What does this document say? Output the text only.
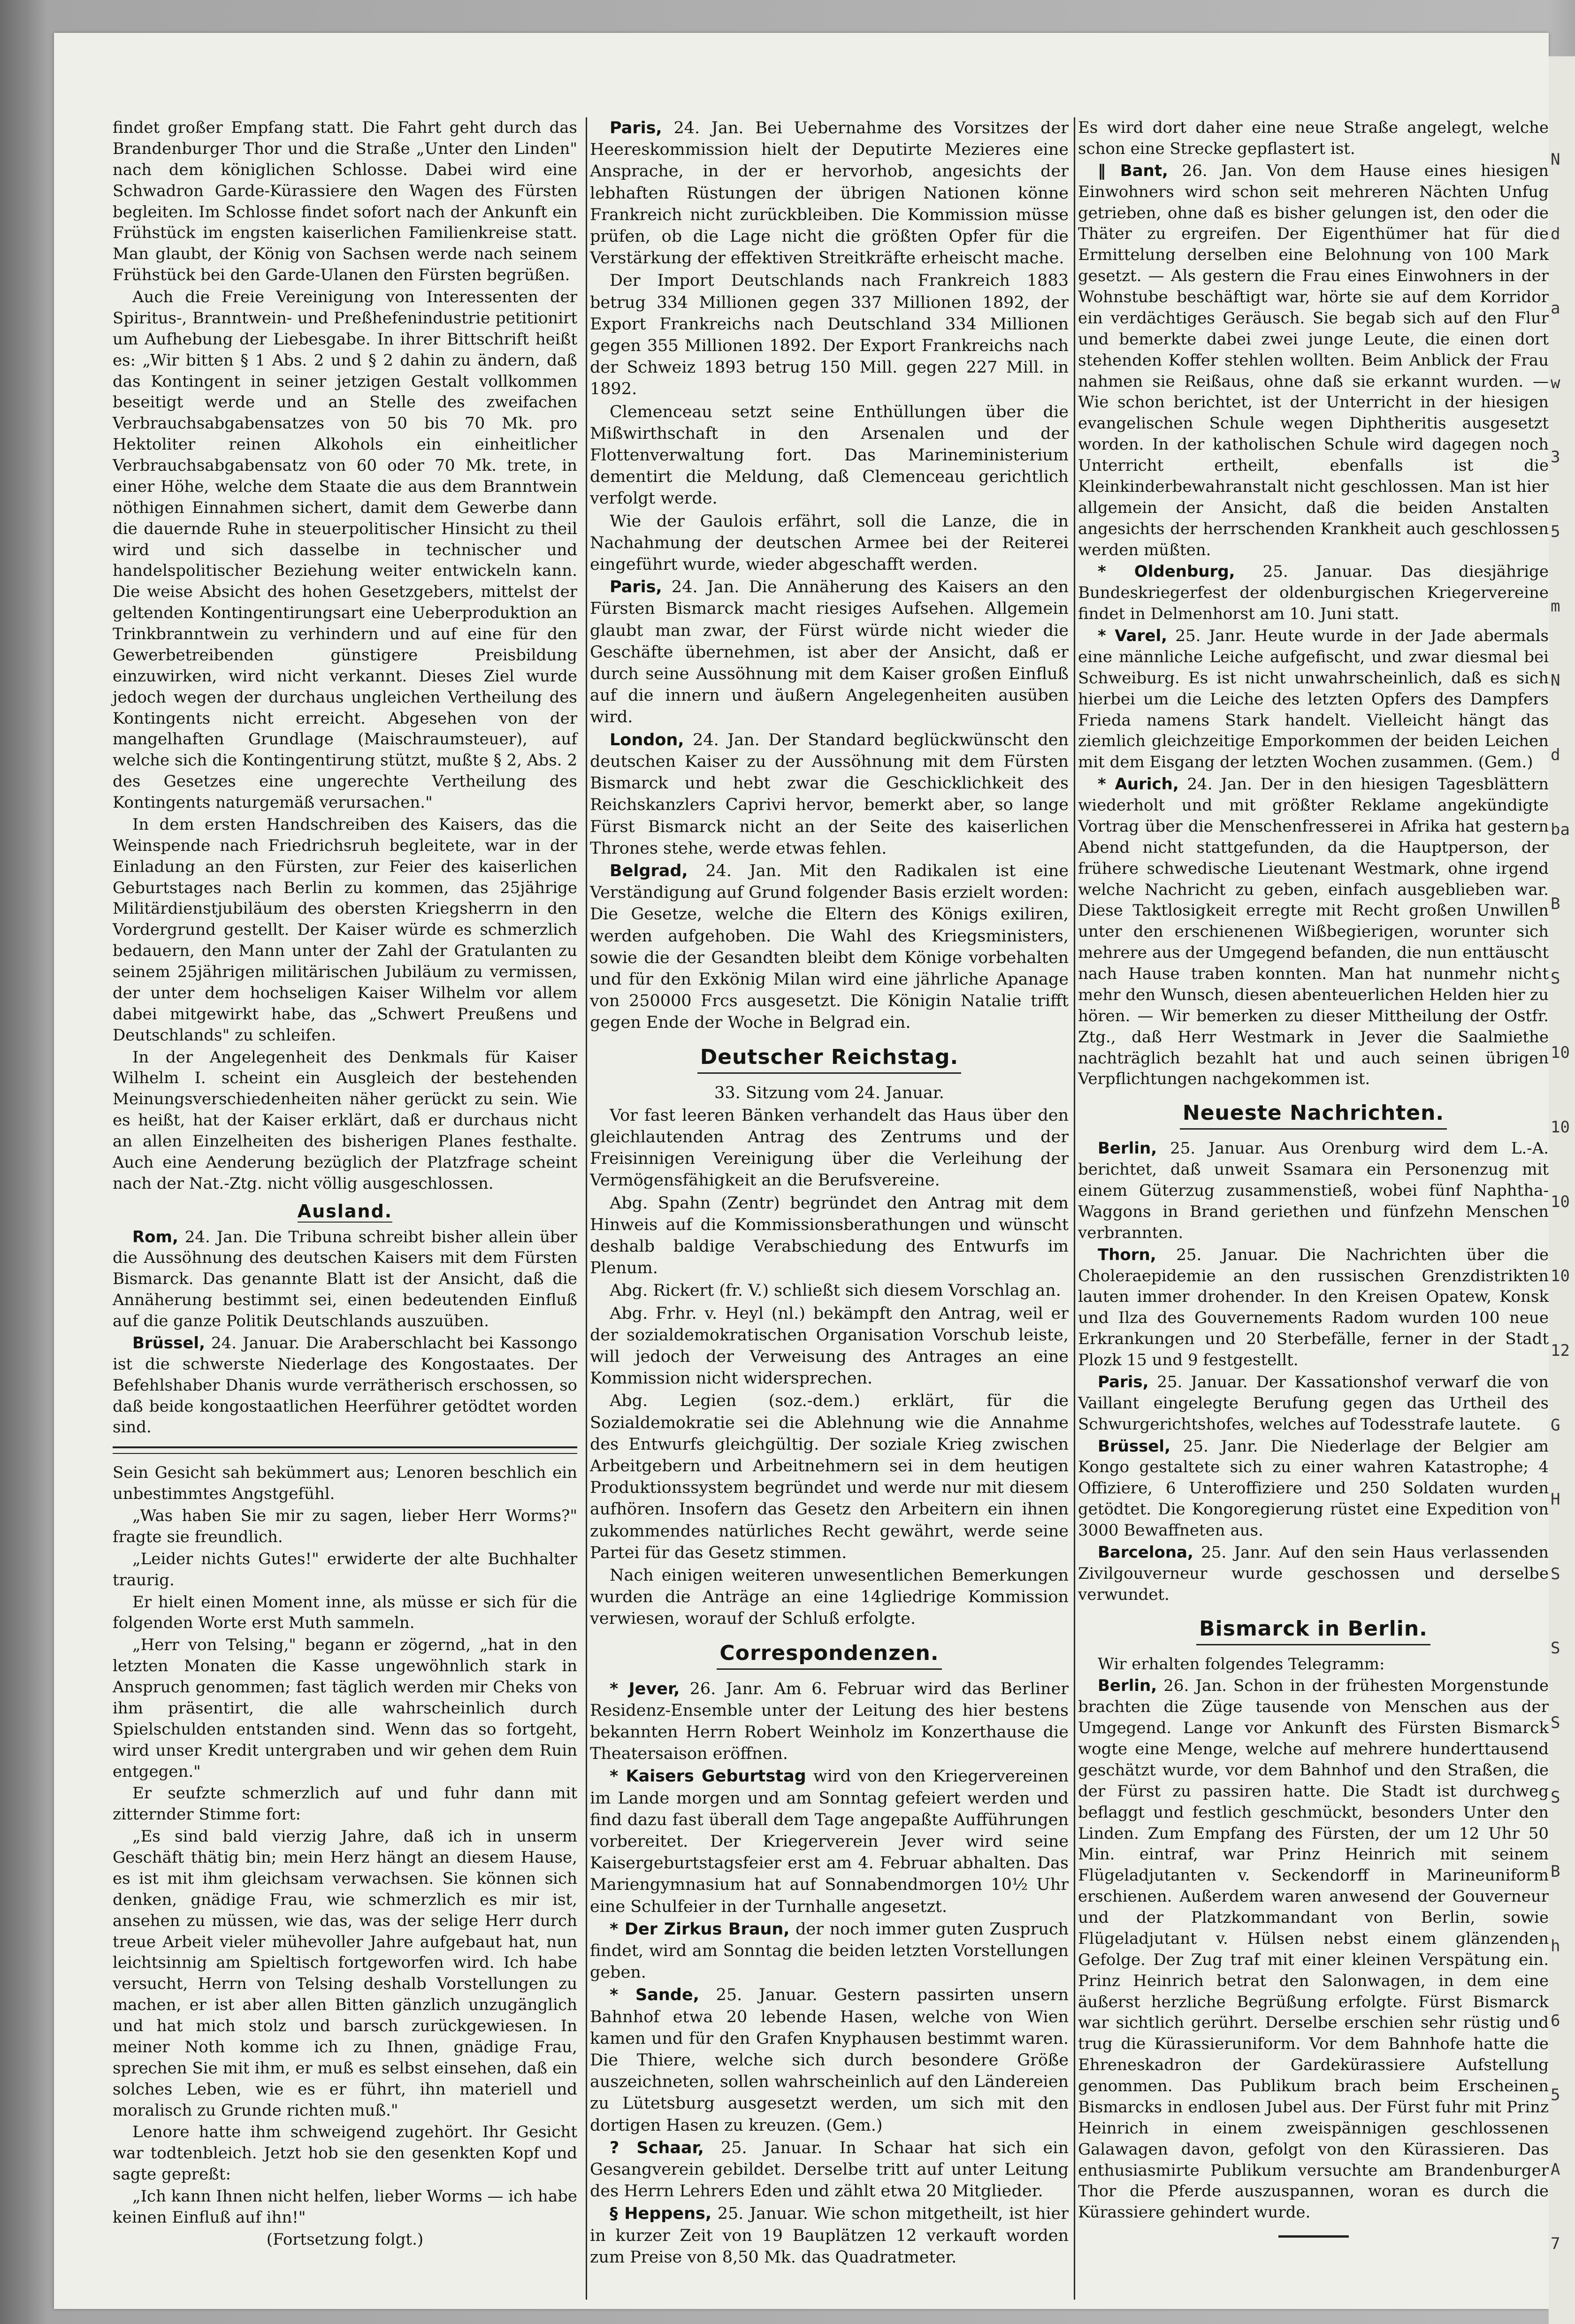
N
d
a
w
3
5
m
N
d
ba
B
S
10
10
10
10
12
G
H
S
S
S
S
B
h
6
5
A
7

findet großer Empfang statt. Die Fahrt geht durch das Brandenburger Thor und die Straße „Unter den Linden" nach dem königlichen Schlosse. Dabei wird eine Schwadron Garde-Kürassiere den Wagen des Fürsten begleiten. Im Schlosse findet sofort nach der Ankunft ein Frühstück im engsten kaiserlichen Familienkreise statt. Man glaubt, der König von Sachsen werde nach seinem Frühstück bei den Garde-Ulanen den Fürsten begrüßen.

Auch die Freie Vereinigung von Interessenten der Spiritus-, Branntwein- und Preßhefenindustrie petitionirt um Aufhebung der Liebesgabe. In ihrer Bittschrift heißt es: „Wir bitten § 1 Abs. 2 und § 2 dahin zu ändern, daß das Kontingent in seiner jetzigen Gestalt vollkommen beseitigt werde und an Stelle des zweifachen Verbrauchsabgabensatzes von 50 bis 70 Mk. pro Hektoliter reinen Alkohols ein einheitlicher Verbrauchsabgabensatz von 60 oder 70 Mk. trete, in einer Höhe, welche dem Staate die aus dem Branntwein nöthigen Einnahmen sichert, damit dem Gewerbe dann die dauernde Ruhe in steuerpolitischer Hinsicht zu theil wird und sich dasselbe in technischer und handelspolitischer Beziehung weiter entwickeln kann. Die weise Absicht des hohen Gesetzgebers, mittelst der geltenden Kontingentirungsart eine Ueberproduktion an Trinkbranntwein zu verhindern und auf eine für den Gewerbetreibenden günstigere Preisbildung einzuwirken, wird nicht verkannt. Dieses Ziel wurde jedoch wegen der durchaus ungleichen Vertheilung des Kontingents nicht erreicht. Abgesehen von der mangelhaften Grundlage (Maischraumsteuer), auf welche sich die Kontingentirung stützt, mußte § 2, Abs. 2 des Gesetzes eine ungerechte Vertheilung des Kontingents naturgemäß verursachen."

In dem ersten Handschreiben des Kaisers, das die Weinspende nach Friedrichsruh begleitete, war in der Einladung an den Fürsten, zur Feier des kaiserlichen Geburtstages nach Berlin zu kommen, das 25jährige Militärdienstjubiläum des obersten Kriegsherrn in den Vordergrund gestellt. Der Kaiser würde es schmerzlich bedauern, den Mann unter der Zahl der Gratulanten zu seinem 25jährigen militärischen Jubiläum zu vermissen, der unter dem hochseligen Kaiser Wilhelm vor allem dabei mitgewirkt habe, das „Schwert Preußens und Deutschlands" zu schleifen.

In der Angelegenheit des Denkmals für Kaiser Wilhelm I. scheint ein Ausgleich der bestehenden Meinungsverschiedenheiten näher gerückt zu sein. Wie es heißt, hat der Kaiser erklärt, daß er durchaus nicht an allen Einzelheiten des bisherigen Planes festhalte. Auch eine Aenderung bezüglich der Platzfrage scheint nach der Nat.-Ztg. nicht völlig ausgeschlossen.

Ausland.

Rom, 24. Jan. Die Tribuna schreibt bisher allein über die Aussöhnung des deutschen Kaisers mit dem Fürsten Bismarck. Das genannte Blatt ist der Ansicht, daß die Annäherung bestimmt sei, einen bedeutenden Einfluß auf die ganze Politik Deutschlands auszuüben.

Brüssel, 24. Januar. Die Araberschlacht bei Kassongo ist die schwerste Niederlage des Kongostaates. Der Befehlshaber Dhanis wurde verrätherisch erschossen, so daß beide kongostaatlichen Heerführer getödtet worden sind.

Sein Gesicht sah bekümmert aus; Lenoren beschlich ein unbestimmtes Angstgefühl.

„Was haben Sie mir zu sagen, lieber Herr Worms?" fragte sie freundlich.

„Leider nichts Gutes!" erwiderte der alte Buchhalter traurig.

Er hielt einen Moment inne, als müsse er sich für die folgenden Worte erst Muth sammeln.

„Herr von Telsing," begann er zögernd, „hat in den letzten Monaten die Kasse ungewöhnlich stark in Anspruch genommen; fast täglich werden mir Cheks von ihm präsentirt, die alle wahrscheinlich durch Spielschulden entstanden sind. Wenn das so fortgeht, wird unser Kredit untergraben und wir gehen dem Ruin entgegen."

Er seufzte schmerzlich auf und fuhr dann mit zitternder Stimme fort:

„Es sind bald vierzig Jahre, daß ich in unserm Geschäft thätig bin; mein Herz hängt an diesem Hause, es ist mit ihm gleichsam verwachsen. Sie können sich denken, gnädige Frau, wie schmerzlich es mir ist, ansehen zu müssen, wie das, was der selige Herr durch treue Arbeit vieler mühevoller Jahre aufgebaut hat, nun leichtsinnig am Spieltisch fortgeworfen wird. Ich habe versucht, Herrn von Telsing deshalb Vorstellungen zu machen, er ist aber allen Bitten gänzlich unzugänglich und hat mich stolz und barsch zurückgewiesen. In meiner Noth komme ich zu Ihnen, gnädige Frau, sprechen Sie mit ihm, er muß es selbst einsehen, daß ein solches Leben, wie es er führt, ihn materiell und moralisch zu Grunde richten muß."

Lenore hatte ihm schweigend zugehört. Ihr Gesicht war todtenbleich. Jetzt hob sie den gesenkten Kopf und sagte gepreßt:

„Ich kann Ihnen nicht helfen, lieber Worms — ich habe keinen Einfluß auf ihn!"

(Fortsetzung folgt.)

Paris, 24. Jan. Bei Uebernahme des Vorsitzes der Heereskommission hielt der Deputirte Mezieres eine Ansprache, in der er hervorhob, angesichts der lebhaften Rüstungen der übrigen Nationen könne Frankreich nicht zurückbleiben. Die Kommission müsse prüfen, ob die Lage nicht die größten Opfer für die Verstärkung der effektiven Streitkräfte erheischt mache.

Der Import Deutschlands nach Frankreich 1883 betrug 334 Millionen gegen 337 Millionen 1892, der Export Frankreichs nach Deutschland 334 Millionen gegen 355 Millionen 1892. Der Export Frankreichs nach der Schweiz 1893 betrug 150 Mill. gegen 227 Mill. in 1892.

Clemenceau setzt seine Enthüllungen über die Mißwirthschaft in den Arsenalen und der Flottenverwaltung fort. Das Marineministerium dementirt die Meldung, daß Clemenceau gerichtlich verfolgt werde.

Wie der Gaulois erfährt, soll die Lanze, die in Nachahmung der deutschen Armee bei der Reiterei eingeführt wurde, wieder abgeschafft werden.

Paris, 24. Jan. Die Annäherung des Kaisers an den Fürsten Bismarck macht riesiges Aufsehen. Allgemein glaubt man zwar, der Fürst würde nicht wieder die Geschäfte übernehmen, ist aber der Ansicht, daß er durch seine Aussöhnung mit dem Kaiser großen Einfluß auf die innern und äußern Angelegenheiten ausüben wird.

London, 24. Jan. Der Standard beglückwünscht den deutschen Kaiser zu der Aussöhnung mit dem Fürsten Bismarck und hebt zwar die Geschicklichkeit des Reichskanzlers Caprivi hervor, bemerkt aber, so lange Fürst Bismarck nicht an der Seite des kaiserlichen Thrones stehe, werde etwas fehlen.

Belgrad, 24. Jan. Mit den Radikalen ist eine Verständigung auf Grund folgender Basis erzielt worden: Die Gesetze, welche die Eltern des Königs exiliren, werden aufgehoben. Die Wahl des Kriegsministers, sowie die der Gesandten bleibt dem Könige vorbehalten und für den Exkönig Milan wird eine jährliche Apanage von 250000 Frcs ausgesetzt. Die Königin Natalie trifft gegen Ende der Woche in Belgrad ein.

Deutscher Reichstag.

33. Sitzung vom 24. Januar.

Vor fast leeren Bänken verhandelt das Haus über den gleichlautenden Antrag des Zentrums und der Freisinnigen Vereinigung über die Verleihung der Vermögensfähigkeit an die Berufsvereine.

Abg. Spahn (Zentr) begründet den Antrag mit dem Hinweis auf die Kommissionsberathungen und wünscht deshalb baldige Verabschiedung des Entwurfs im Plenum.

Abg. Rickert (fr. V.) schließt sich diesem Vorschlag an.

Abg. Frhr. v. Heyl (nl.) bekämpft den Antrag, weil er der sozialdemokratischen Organisation Vorschub leiste, will jedoch der Verweisung des Antrages an eine Kommission nicht widersprechen.

Abg. Legien (soz.-dem.) erklärt, für die Sozialdemokratie sei die Ablehnung wie die Annahme des Entwurfs gleichgültig. Der soziale Krieg zwischen Arbeitgebern und Arbeitnehmern sei in dem heutigen Produktionssystem begründet und werde nur mit diesem aufhören. Insofern das Gesetz den Arbeitern ein ihnen zukommendes natürliches Recht gewährt, werde seine Partei für das Gesetz stimmen.

Nach einigen weiteren unwesentlichen Bemerkungen wurden die Anträge an eine 14gliedrige Kommission verwiesen, worauf der Schluß erfolgte.

Correspondenzen.

* Jever, 26. Janr. Am 6. Februar wird das Berliner Residenz-Ensemble unter der Leitung des hier bestens bekannten Herrn Robert Weinholz im Konzerthause die Theatersaison eröffnen.

* Kaisers Geburtstag wird von den Kriegervereinen im Lande morgen und am Sonntag gefeiert werden und find dazu fast überall dem Tage angepaßte Aufführungen vorbereitet. Der Kriegerverein Jever wird seine Kaisergeburtstagsfeier erst am 4. Februar abhalten. Das Mariengymnasium hat auf Sonnabendmorgen 10½ Uhr eine Schulfeier in der Turnhalle angesetzt.

* Der Zirkus Braun, der noch immer guten Zuspruch findet, wird am Sonntag die beiden letzten Vorstellungen geben.

* Sande, 25. Januar. Gestern passirten unsern Bahnhof etwa 20 lebende Hasen, welche von Wien kamen und für den Grafen Knyphausen bestimmt waren. Die Thiere, welche sich durch besondere Größe auszeichneten, sollen wahrscheinlich auf den Ländereien zu Lütetsburg ausgesetzt werden, um sich mit den dortigen Hasen zu kreuzen. (Gem.)

? Schaar, 25. Januar. In Schaar hat sich ein Gesangverein gebildet. Derselbe tritt auf unter Leitung des Herrn Lehrers Eden und zählt etwa 20 Mitglieder.

§ Heppens, 25. Januar. Wie schon mitgetheilt, ist hier in kurzer Zeit von 19 Bauplätzen 12 verkauft worden zum Preise von 8,50 Mk. das Quadratmeter.

Es wird dort daher eine neue Straße angelegt, welche schon eine Strecke gepflastert ist.

‖ Bant, 26. Jan. Von dem Hause eines hiesigen Einwohners wird schon seit mehreren Nächten Unfug getrieben, ohne daß es bisher gelungen ist, den oder die Thäter zu ergreifen. Der Eigenthümer hat für die Ermittelung derselben eine Belohnung von 100 Mark gesetzt. — Als gestern die Frau eines Einwohners in der Wohnstube beschäftigt war, hörte sie auf dem Korridor ein verdächtiges Geräusch. Sie begab sich auf den Flur und bemerkte dabei zwei junge Leute, die einen dort stehenden Koffer stehlen wollten. Beim Anblick der Frau nahmen sie Reißaus, ohne daß sie erkannt wurden. — Wie schon berichtet, ist der Unterricht in der hiesigen evangelischen Schule wegen Diphtheritis ausgesetzt worden. In der katholischen Schule wird dagegen noch Unterricht ertheilt, ebenfalls ist die Kleinkinderbewahranstalt nicht geschlossen. Man ist hier allgemein der Ansicht, daß die beiden Anstalten angesichts der herrschenden Krankheit auch geschlossen werden müßten.

* Oldenburg, 25. Januar. Das diesjährige Bundeskriegerfest der oldenburgischen Kriegervereine findet in Delmenhorst am 10. Juni statt.

* Varel, 25. Janr. Heute wurde in der Jade abermals eine männliche Leiche aufgefischt, und zwar diesmal bei Schweiburg. Es ist nicht unwahrscheinlich, daß es sich hierbei um die Leiche des letzten Opfers des Dampfers Frieda namens Stark handelt. Vielleicht hängt das ziemlich gleichzeitige Emporkommen der beiden Leichen mit dem Eisgang der letzten Wochen zusammen. (Gem.)

* Aurich, 24. Jan. Der in den hiesigen Tagesblättern wiederholt und mit größter Reklame angekündigte Vortrag über die Menschenfresserei in Afrika hat gestern Abend nicht stattgefunden, da die Hauptperson, der frühere schwedische Lieutenant Westmark, ohne irgend welche Nachricht zu geben, einfach ausgeblieben war. Diese Taktlosigkeit erregte mit Recht großen Unwillen unter den erschienenen Wißbegierigen, worunter sich mehrere aus der Umgegend befanden, die nun enttäuscht nach Hause traben konnten. Man hat nunmehr nicht mehr den Wunsch, diesen abenteuerlichen Helden hier zu hören. — Wir bemerken zu dieser Mittheilung der Ostfr. Ztg., daß Herr Westmark in Jever die Saalmiethe nachträglich bezahlt hat und auch seinen übrigen Verpflichtungen nachgekommen ist.

Neueste Nachrichten.

Berlin, 25. Januar. Aus Orenburg wird dem L.-A. berichtet, daß unweit Ssamara ein Personenzug mit einem Güterzug zusammenstieß, wobei fünf Naphtha-Waggons in Brand geriethen und fünfzehn Menschen verbrannten.

Thorn, 25. Januar. Die Nachrichten über die Choleraepidemie an den russischen Grenzdistrikten lauten immer drohender. In den Kreisen Opatew, Konsk und Ilza des Gouvernements Radom wurden 100 neue Erkrankungen und 20 Sterbefälle, ferner in der Stadt Plozk 15 und 9 festgestellt.

Paris, 25. Januar. Der Kassationshof verwarf die von Vaillant eingelegte Berufung gegen das Urtheil des Schwurgerichtshofes, welches auf Todesstrafe lautete.

Brüssel, 25. Janr. Die Niederlage der Belgier am Kongo gestaltete sich zu einer wahren Katastrophe; 4 Offiziere, 6 Unteroffiziere und 250 Soldaten wurden getödtet. Die Kongoregierung rüstet eine Expedition von 3000 Bewaffneten aus.

Barcelona, 25. Janr. Auf den sein Haus verlassenden Zivilgouverneur wurde geschossen und derselbe verwundet.

Bismarck in Berlin.

Wir erhalten folgendes Telegramm:

Berlin, 26. Jan. Schon in der frühesten Morgenstunde brachten die Züge tausende von Menschen aus der Umgegend. Lange vor Ankunft des Fürsten Bismarck wogte eine Menge, welche auf mehrere hunderttausend geschätzt wurde, vor dem Bahnhof und den Straßen, die der Fürst zu passiren hatte. Die Stadt ist durchweg beflaggt und festlich geschmückt, besonders Unter den Linden. Zum Empfang des Fürsten, der um 12 Uhr 50 Min. eintraf, war Prinz Heinrich mit seinem Flügeladjutanten v. Seckendorff in Marineuniform erschienen. Außerdem waren anwesend der Gouverneur und der Platzkommandant von Berlin, sowie Flügeladjutant v. Hülsen nebst einem glänzenden Gefolge. Der Zug traf mit einer kleinen Verspätung ein. Prinz Heinrich betrat den Salonwagen, in dem eine äußerst herzliche Begrüßung erfolgte. Fürst Bismarck war sichtlich gerührt. Derselbe erschien sehr rüstig und trug die Kürassieruniform. Vor dem Bahnhofe hatte die Ehreneskadron der Gardekürassiere Aufstellung genommen. Das Publikum brach beim Erscheinen Bismarcks in endlosen Jubel aus. Der Fürst fuhr mit Prinz Heinrich in einem zweispännigen geschlossenen Galawagen davon, gefolgt von den Kürassieren. Das enthusiasmirte Publikum versuchte am Brandenburger Thor die Pferde auszuspannen, woran es durch die Kürassiere gehindert wurde.
